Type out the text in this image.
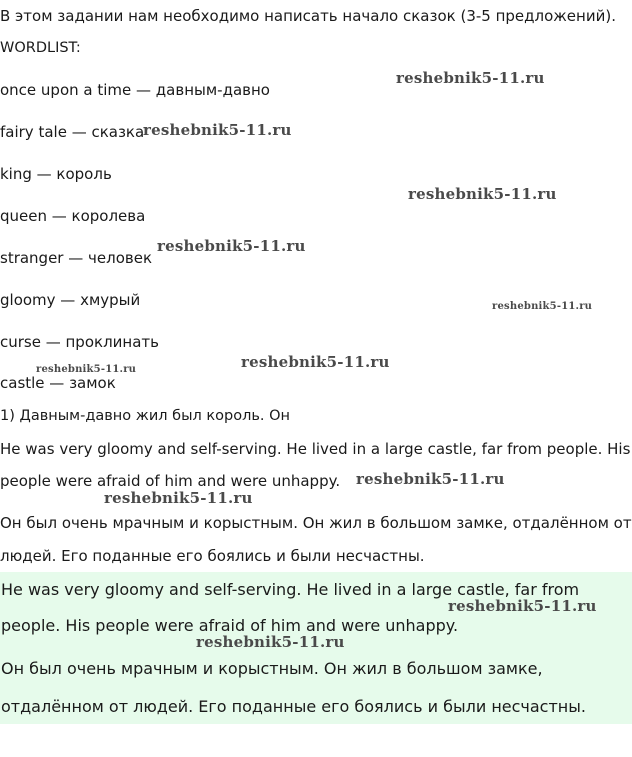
В этом задании нам необходимо написать начало сказок (3-5 предложений).
WORDLIST:
once upon a time — давным-давно
fairy tale — сказка
king — король
queen — королева
stranger — человек
gloomy — хмурый
curse — проклинать
castle — замок
1) Давным-давно жил был король. Он
He was very gloomy and self-serving. He lived in a large castle, far from people. His
people were afraid of him and were unhappy.
Он был очень мрачным и корыстным. Он жил в большом замке, отдалённом от
людей. Его поданные его боялись и были несчастны.
He was very gloomy and self-serving. He lived in a large castle, far from
people. His people were afraid of him and were unhappy.
Он был очень мрачным и корыстным. Он жил в большом замке,
отдалённом от людей. Его поданные его боялись и были несчастны.
reshebnik5-11.ru
reshebnik5-11.ru
reshebnik5-11.ru
reshebnik5-11.ru
reshebnik5-11.ru
reshebnik5-11.ru
reshebnik5-11.ru
reshebnik5-11.ru
reshebnik5-11.ru
reshebnik5-11.ru
reshebnik5-11.ru
